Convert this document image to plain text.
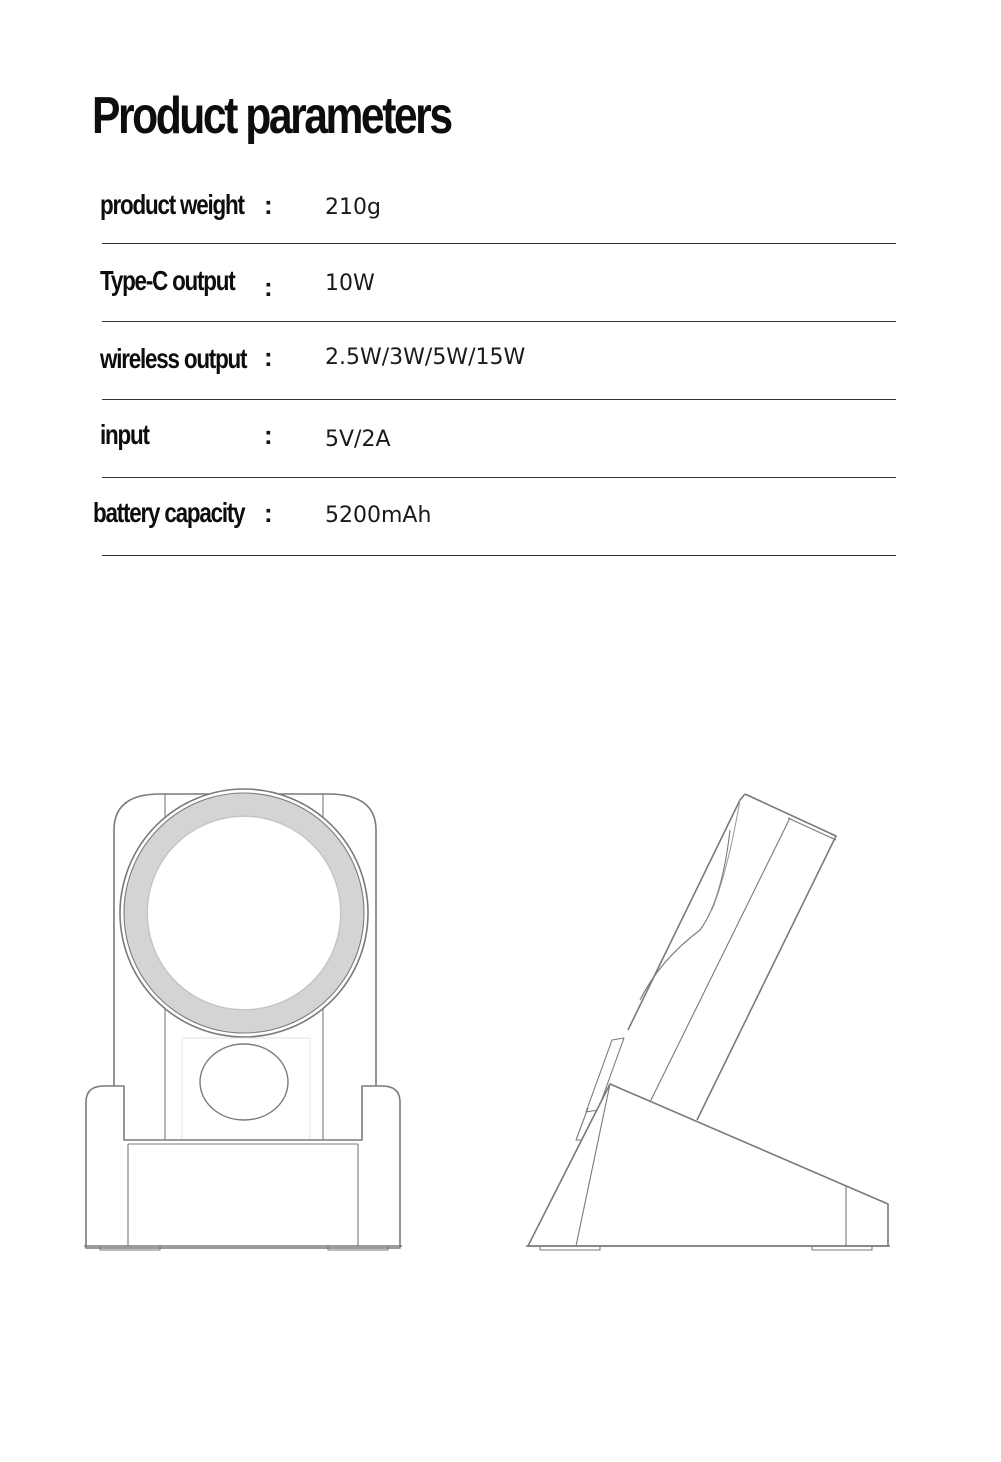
Product parameters
product weight : 210g
Type-C output : 10W
wireless output : 2.5W/3W/5W/15W
input	: 5V/2A
battery capacity : 5200mAh
